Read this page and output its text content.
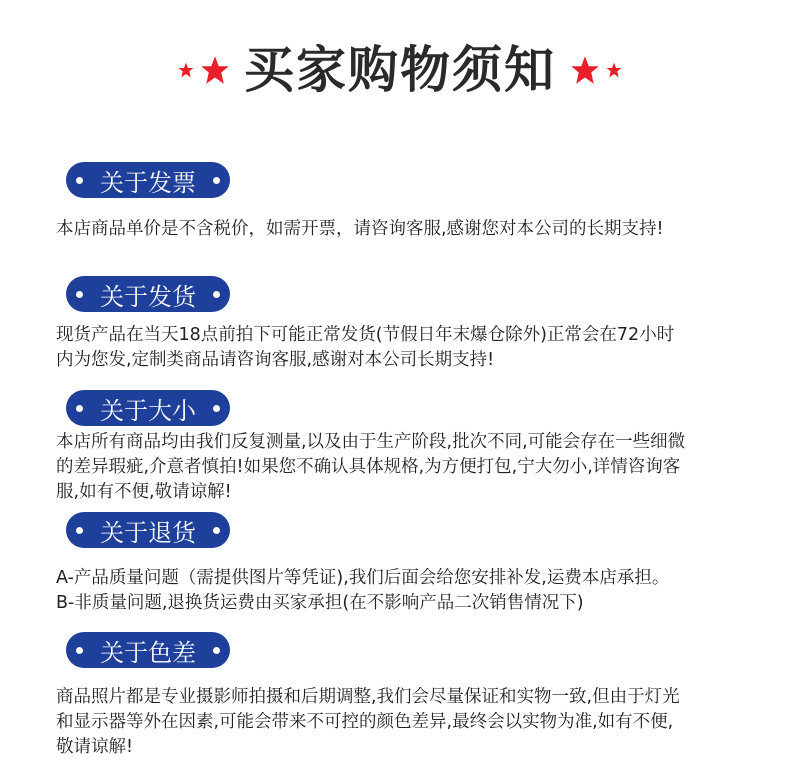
买家购物须知
关于发票
本店商品单价是不含税价，如需开票，请咨询客服,感谢您对本公司的长期支持!
关于发货
现货产品在当天18点前拍下可能正常发货(节假日年末爆仓除外)正常会在72小时
内为您发,定制类商品请咨询客服,感谢对本公司长期支持!
关于大小
本店所有商品均由我们反复测量,以及由于生产阶段,批次不同,可能会存在一些细微
的差异瑕疵,介意者慎拍!如果您不确认具体规格,为方便打包,宁大勿小,详情咨询客
服,如有不便,敬请谅解!
关于退货
A-产品质量问题（需提供图片等凭证),我们后面会给您安排补发,运费本店承担。
B-非质量问题,退换货运费由买家承担(在不影响产品二次销售情况下)
关于色差
商品照片都是专业摄影师拍摄和后期调整,我们会尽量保证和实物一致,但由于灯光
和显示器等外在因素,可能会带来不可控的颜色差异,最终会以实物为准,如有不便,
敬请谅解!
